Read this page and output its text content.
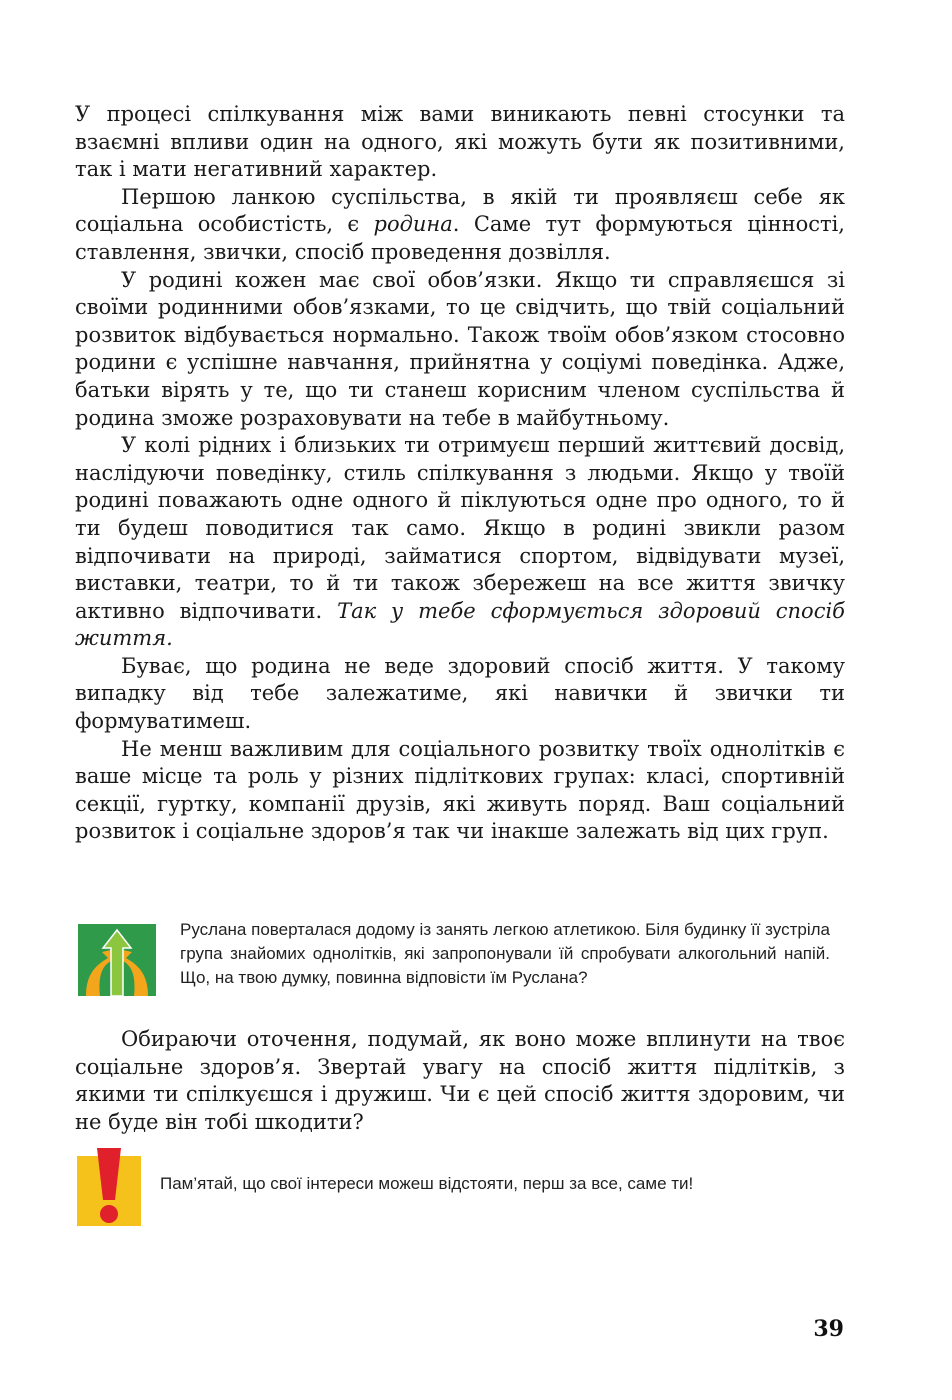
У процесі спілкування між вами виникають певні стосунки та взаємні впливи один на одного, які можуть бути як позитивними, так і мати негативний характер.

Першою ланкою суспільства, в якій ти проявляєш себе як соціальна особистість, є родина. Саме тут формуються цінності, ставлення, звички, спосіб проведення дозвілля.

У родині кожен має свої обов’язки. Якщо ти справляєшся зі своїми родинними обов’язками, то це свідчить, що твій соціальний розвиток відбувається нормально. Також твоїм обов’язком стосовно родини є успішне навчання, прийнятна у соціумі поведінка. Адже, батьки вірять у те, що ти станеш корисним членом суспільства й родина зможе розраховувати на тебе в майбутньому.

У колі рідних і близьких ти отримуєш перший життєвий досвід, наслідуючи поведінку, стиль спілкування з людьми. Якщо у твоїй родині поважають одне одного й піклуються одне про одного, то й ти будеш поводитися так само. Якщо в родині звикли разом відпочивати на природі, займатися спортом, відвідувати музеї, виставки, театри, то й ти також збережеш на все життя звичку активно відпочивати. Так у тебе сформується здоровий спосіб життя.

Буває, що родина не веде здоровий спосіб життя. У такому випадку від тебе залежатиме, які навички й звички ти формуватимеш.

Не менш важливим для соціального розвитку твоїх однолітків є ваше місце та роль у різних підліткових групах: класі, спортивній секції, гуртку, компанії друзів, які живуть поряд. Ваш соціальний розвиток і соціальне здоров’я так чи інакше залежать від цих груп.

Руслана поверталася додому із занять легкою атлетикою. Біля будинку її зустріла група знайомих однолітків, які запропонували їй спробувати алкогольний напій. Що, на твою думку, повинна відповісти їм Руслана?

Обираючи оточення, подумай, як воно може вплинути на твоє соціальне здоров’я. Звертай увагу на спосіб життя підлітків, з якими ти спілкуєшся і дружиш. Чи є цей спосіб життя здоровим, чи не буде він тобі шкодити?

Пам’ятай, що свої інтереси можеш відстояти, перш за все, саме ти!
39
